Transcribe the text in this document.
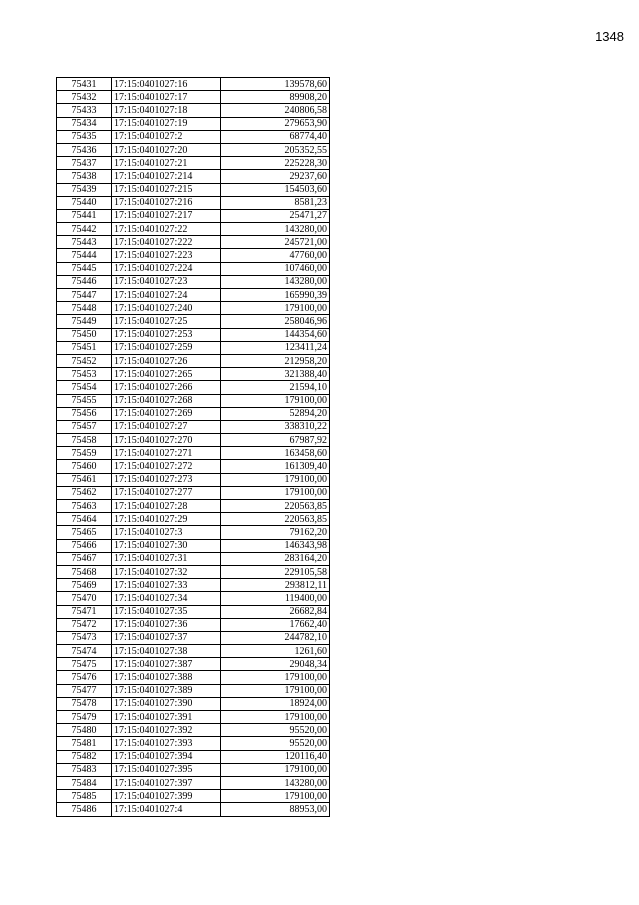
1348
75431	17:15:0401027:16	139578,60
75432	17:15:0401027:17	89908,20
75433	17:15:0401027:18	240806,58
75434	17:15:0401027:19	279653,90
75435	17:15:0401027:2	68774,40
75436	17:15:0401027:20	205352,55
75437	17:15:0401027:21	225228,30
75438	17:15:0401027:214	29237,60
75439	17:15:0401027:215	154503,60
75440	17:15:0401027:216	8581,23
75441	17:15:0401027:217	25471,27
75442	17:15:0401027:22	143280,00
75443	17:15:0401027:222	245721,00
75444	17:15:0401027:223	47760,00
75445	17:15:0401027:224	107460,00
75446	17:15:0401027:23	143280,00
75447	17:15:0401027:24	165990,39
75448	17:15:0401027:240	179100,00
75449	17:15:0401027:25	258046,96
75450	17:15:0401027:253	144354,60
75451	17:15:0401027:259	123411,24
75452	17:15:0401027:26	212958,20
75453	17:15:0401027:265	321388,40
75454	17:15:0401027:266	21594,10
75455	17:15:0401027:268	179100,00
75456	17:15:0401027:269	52894,20
75457	17:15:0401027:27	338310,22
75458	17:15:0401027:270	67987,92
75459	17:15:0401027:271	163458,60
75460	17:15:0401027:272	161309,40
75461	17:15:0401027:273	179100,00
75462	17:15:0401027:277	179100,00
75463	17:15:0401027:28	220563,85
75464	17:15:0401027:29	220563,85
75465	17:15:0401027:3	79162,20
75466	17:15:0401027:30	146343,98
75467	17:15:0401027:31	283164,20
75468	17:15:0401027:32	229105,58
75469	17:15:0401027:33	293812,11
75470	17:15:0401027:34	119400,00
75471	17:15:0401027:35	26682,84
75472	17:15:0401027:36	17662,40
75473	17:15:0401027:37	244782,10
75474	17:15:0401027:38	1261,60
75475	17:15:0401027:387	29048,34
75476	17:15:0401027:388	179100,00
75477	17:15:0401027:389	179100,00
75478	17:15:0401027:390	18924,00
75479	17:15:0401027:391	179100,00
75480	17:15:0401027:392	95520,00
75481	17:15:0401027:393	95520,00
75482	17:15:0401027:394	120116,40
75483	17:15:0401027:395	179100,00
75484	17:15:0401027:397	143280,00
75485	17:15:0401027:399	179100,00
75486	17:15:0401027:4	88953,00
